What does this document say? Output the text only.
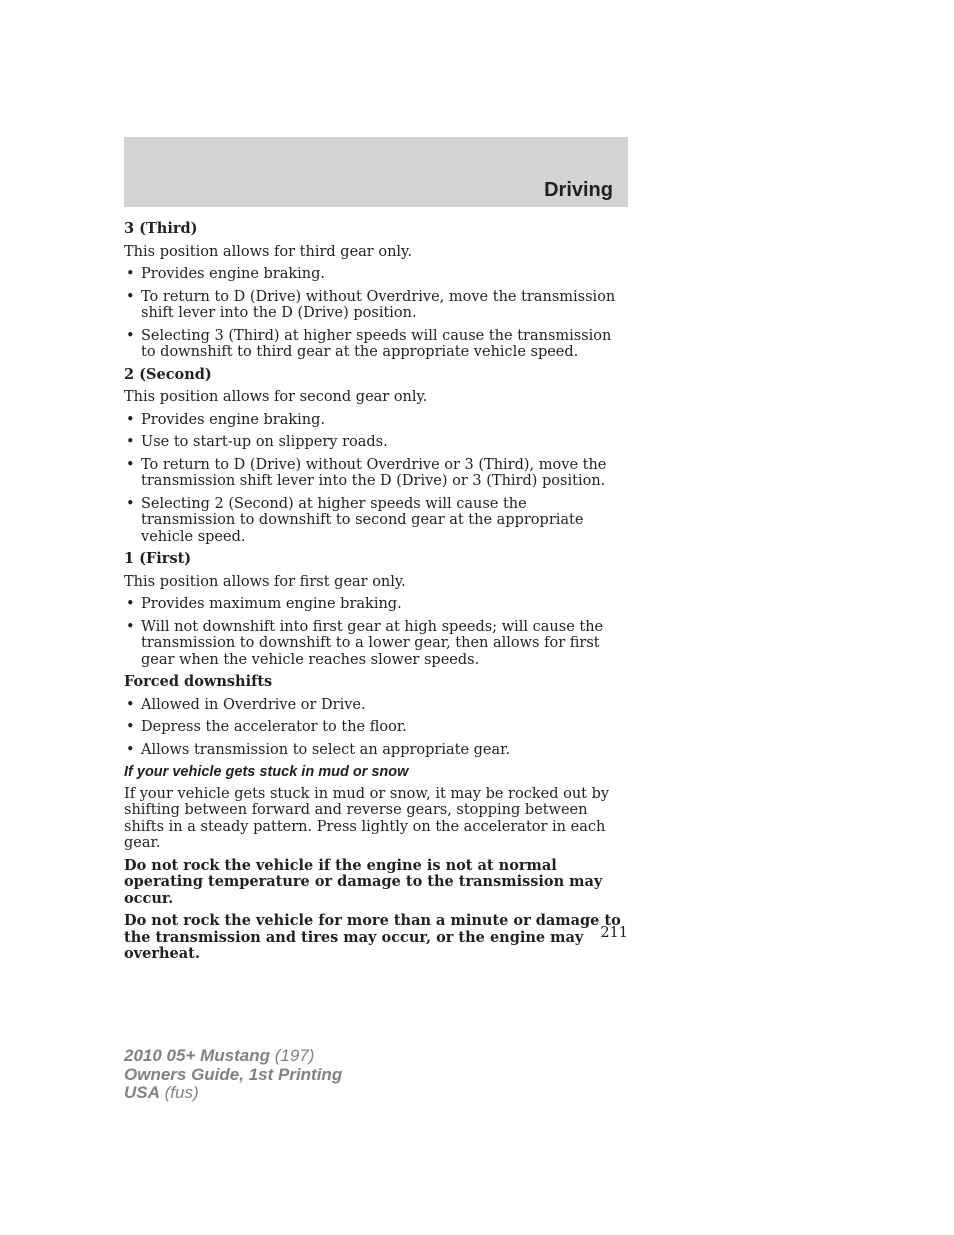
Driving

3 (Third)

This position allows for third gear only.

• Provides engine braking.
• To return to D (Drive) without Overdrive, move the transmission shift lever into the D (Drive) position.
• Selecting 3 (Third) at higher speeds will cause the transmission to downshift to third gear at the appropriate vehicle speed.

2 (Second)

This position allows for second gear only.

• Provides engine braking.
• Use to start-up on slippery roads.
• To return to D (Drive) without Overdrive or 3 (Third), move the transmission shift lever into the D (Drive) or 3 (Third) position.
• Selecting 2 (Second) at higher speeds will cause the transmission to downshift to second gear at the appropriate vehicle speed.

1 (First)

This position allows for first gear only.

• Provides maximum engine braking.
• Will not downshift into first gear at high speeds; will cause the transmission to downshift to a lower gear, then allows for first gear when the vehicle reaches slower speeds.

Forced downshifts

• Allowed in Overdrive or Drive.
• Depress the accelerator to the floor.
• Allows transmission to select an appropriate gear.

If your vehicle gets stuck in mud or snow

If your vehicle gets stuck in mud or snow, it may be rocked out by shifting between forward and reverse gears, stopping between shifts in a steady pattern. Press lightly on the accelerator in each gear.

Do not rock the vehicle if the engine is not at normal operating temperature or damage to the transmission may occur.

Do not rock the vehicle for more than a minute or damage to the transmission and tires may occur, or the engine may overheat.

211
2010 05+ Mustang (197)
Owners Guide, 1st Printing
USA (fus)
